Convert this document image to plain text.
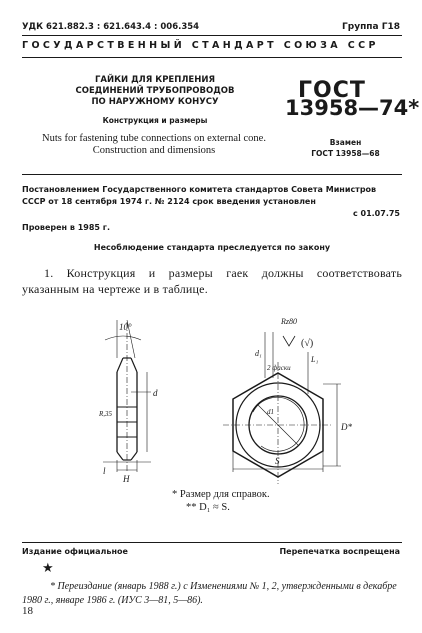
УДК 621.882.3 : 621.643.4 : 006.354	Группа Г18
ГОСУДАРСТВЕННЫЙ СТАНДАРТ СОЮЗА ССР
ГАЙКИ ДЛЯ КРЕПЛЕНИЯ
СОЕДИНЕНИЙ ТРУБОПРОВОДОВ
ПО НАРУЖНОМУ КОНУСУ
Конструкция и размеры
Nuts for fastening tube connections on external cone.
Construction and dimensions
ГОСТ
13958—74*
Взамен
ГОСТ 13958—68
Постановлением Государственного комитета стандартов Совета Министров СССР от 18 сентября 1974 г. № 2124 срок введения установлен
с 01.07.75
Проверен в 1985 г.
Несоблюдение стандарта преследуется по закону
1. Конструкция и размеры гаек должны соответствовать указанным на чертеже и в таблице.
10°
l
H
d
R,35
d₁
2 фаски
L₁
D*
S
Rz80
(√)
d1
* Размер для справок.
** D₁ ≈ S.
Издание официальное	Перепечатка воспрещена
★
* Переиздание (январь 1988 г.) с Изменениями № 1, 2, утвержденными в декабре 1980 г., январе 1986 г. (ИУС 3—81, 5—86).
18
